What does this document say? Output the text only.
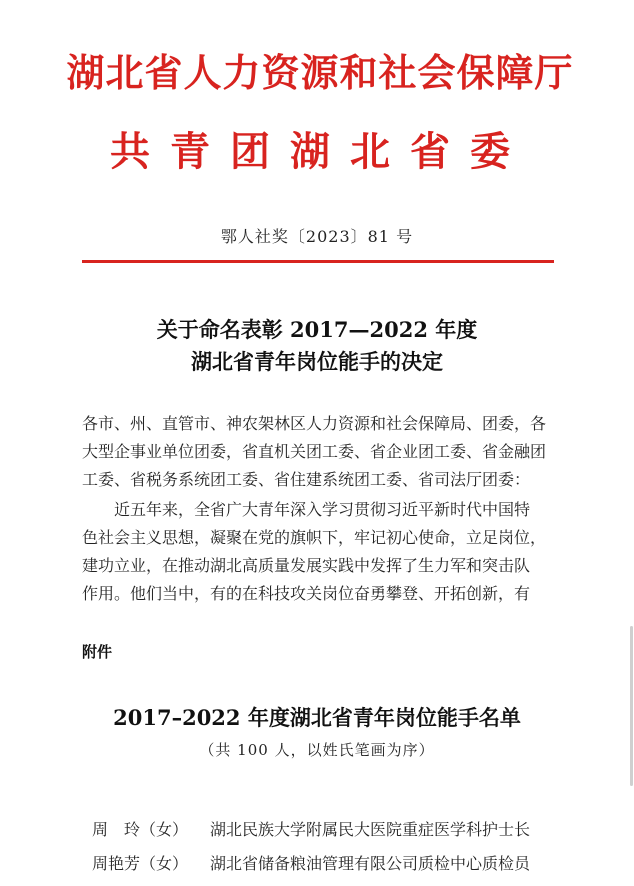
湖北省人力资源和社会保障厅
共青团湖北省委
鄂人社奖〔2023〕81 号
关于命名表彰 2017—2022 年度
湖北省青年岗位能手的决定
各市、州、直管市、神农架林区人力资源和社会保障局、团委，各
大型企事业单位团委，省直机关团工委、省企业团工委、省金融团
工委、省税务系统团工委、省住建系统团工委、省司法厅团委：
近五年来，全省广大青年深入学习贯彻习近平新时代中国特
色社会主义思想，凝聚在党的旗帜下，牢记初心使命，立足岗位，
建功立业，在推动湖北高质量发展实践中发挥了生力军和突击队
作用。他们当中，有的在科技攻关岗位奋勇攀登、开拓创新，有
附件
2017–2022 年度湖北省青年岗位能手名单
（共 100 人，以姓氏笔画为序）
周　玲（女） 湖北民族大学附属民大医院重症医学科护士长
周艳芳（女） 湖北省储备粮油管理有限公司质检中心质检员
